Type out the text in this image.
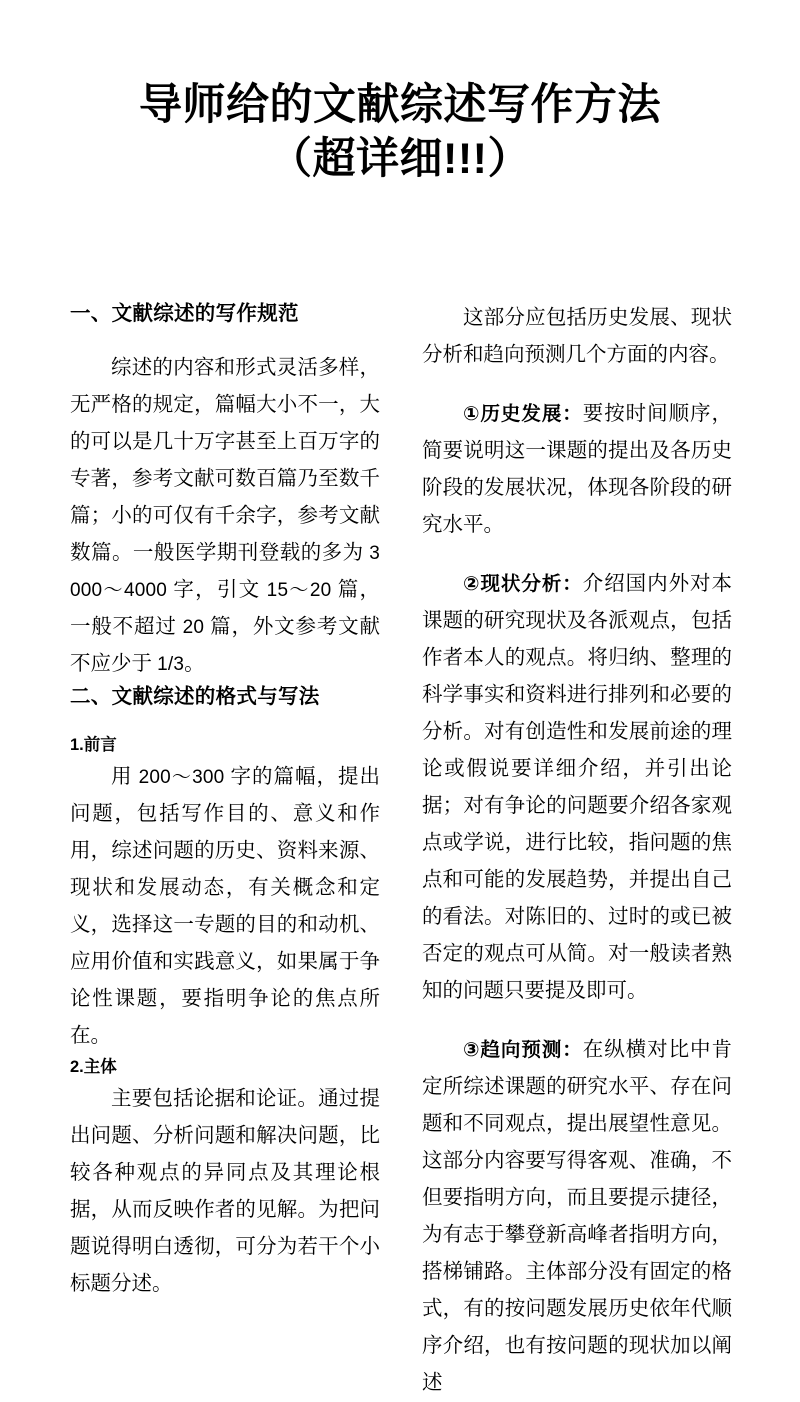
导师给的文献综述写作方法
（超详细!!!）
一、文献综述的写作规范

综述的内容和形式灵活多样，无严格的规定，篇幅大小不一，大的可以是几十万字甚至上百万字的专著，参考文献可数百篇乃至数千篇；小的可仅有千余字，参考文献数篇。一般医学期刊登载的多为 3000～4000 字，引文 15～20 篇，一般不超过 20 篇，外文参考文献不应少于 1/3。

二、文献综述的格式与写法
1.前言

用 200～300 字的篇幅，提出问题，包括写作目的、意义和作用，综述问题的历史、资料来源、现状和发展动态，有关概念和定义，选择这一专题的目的和动机、应用价值和实践意义，如果属于争论性课题，要指明争论的焦点所在。

2.主体

主要包括论据和论证。通过提出问题、分析问题和解决问题，比较各种观点的异同点及其理论根据，从而反映作者的见解。为把问题说得明白透彻，可分为若干个小标题分述。

这部分应包括历史发展、现状分析和趋向预测几个方面的内容。

①历史发展：要按时间顺序，简要说明这一课题的提出及各历史阶段的发展状况，体现各阶段的研究水平。

②现状分析：介绍国内外对本课题的研究现状及各派观点，包括作者本人的观点。将归纳、整理的科学事实和资料进行排列和必要的分析。对有创造性和发展前途的理论或假说要详细介绍，并引出论据；对有争论的问题要介绍各家观点或学说，进行比较，指问题的焦点和可能的发展趋势，并提出自己的看法。对陈旧的、过时的或已被否定的观点可从简。对一般读者熟知的问题只要提及即可。

③趋向预测：在纵横对比中肯定所综述课题的研究水平、存在问题和不同观点，提出展望性意见。这部分内容要写得客观、准确，不但要指明方向，而且要提示捷径，为有志于攀登新高峰者指明方向，搭梯铺路。主体部分没有固定的格式，有的按问题发展历史依年代顺序介绍，也有按问题的现状加以阐述
